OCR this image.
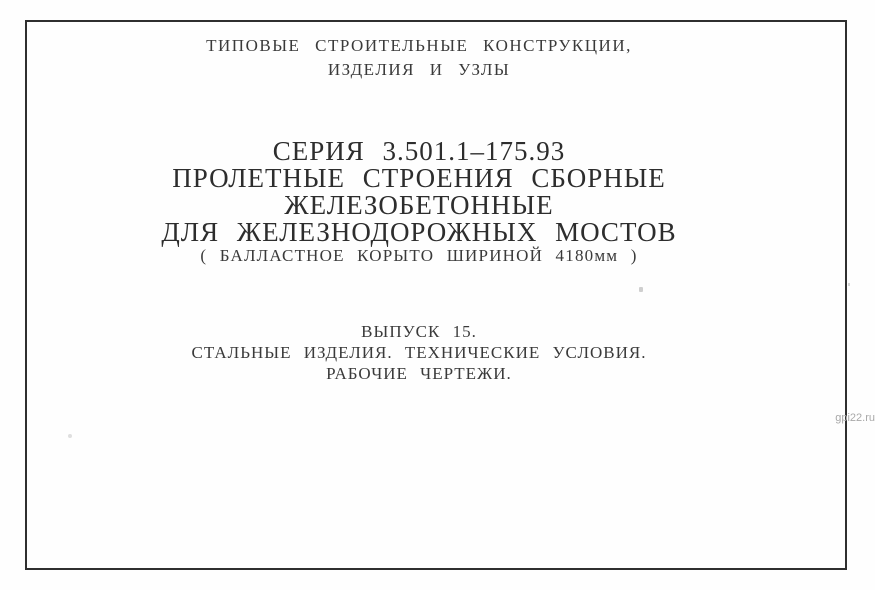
ТИПОВЫЕ СТРОИТЕЛЬНЫЕ КОНСТРУКЦИИ,
ИЗДЕЛИЯ И УЗЛЫ
СЕРИЯ 3.501.1–175.93
ПРОЛЕТНЫЕ СТРОЕНИЯ СБОРНЫЕ
ЖЕЛЕЗОБЕТОННЫЕ
ДЛЯ ЖЕЛЕЗНОДОРОЖНЫХ МОСТОВ
( БАЛЛАСТНОЕ КОРЫТО ШИРИНОЙ 4180мм )
ВЫПУСК 15.
СТАЛЬНЫЕ ИЗДЕЛИЯ. ТЕХНИЧЕСКИЕ УСЛОВИЯ.
РАБОЧИЕ ЧЕРТЕЖИ.
gpi22.ru
